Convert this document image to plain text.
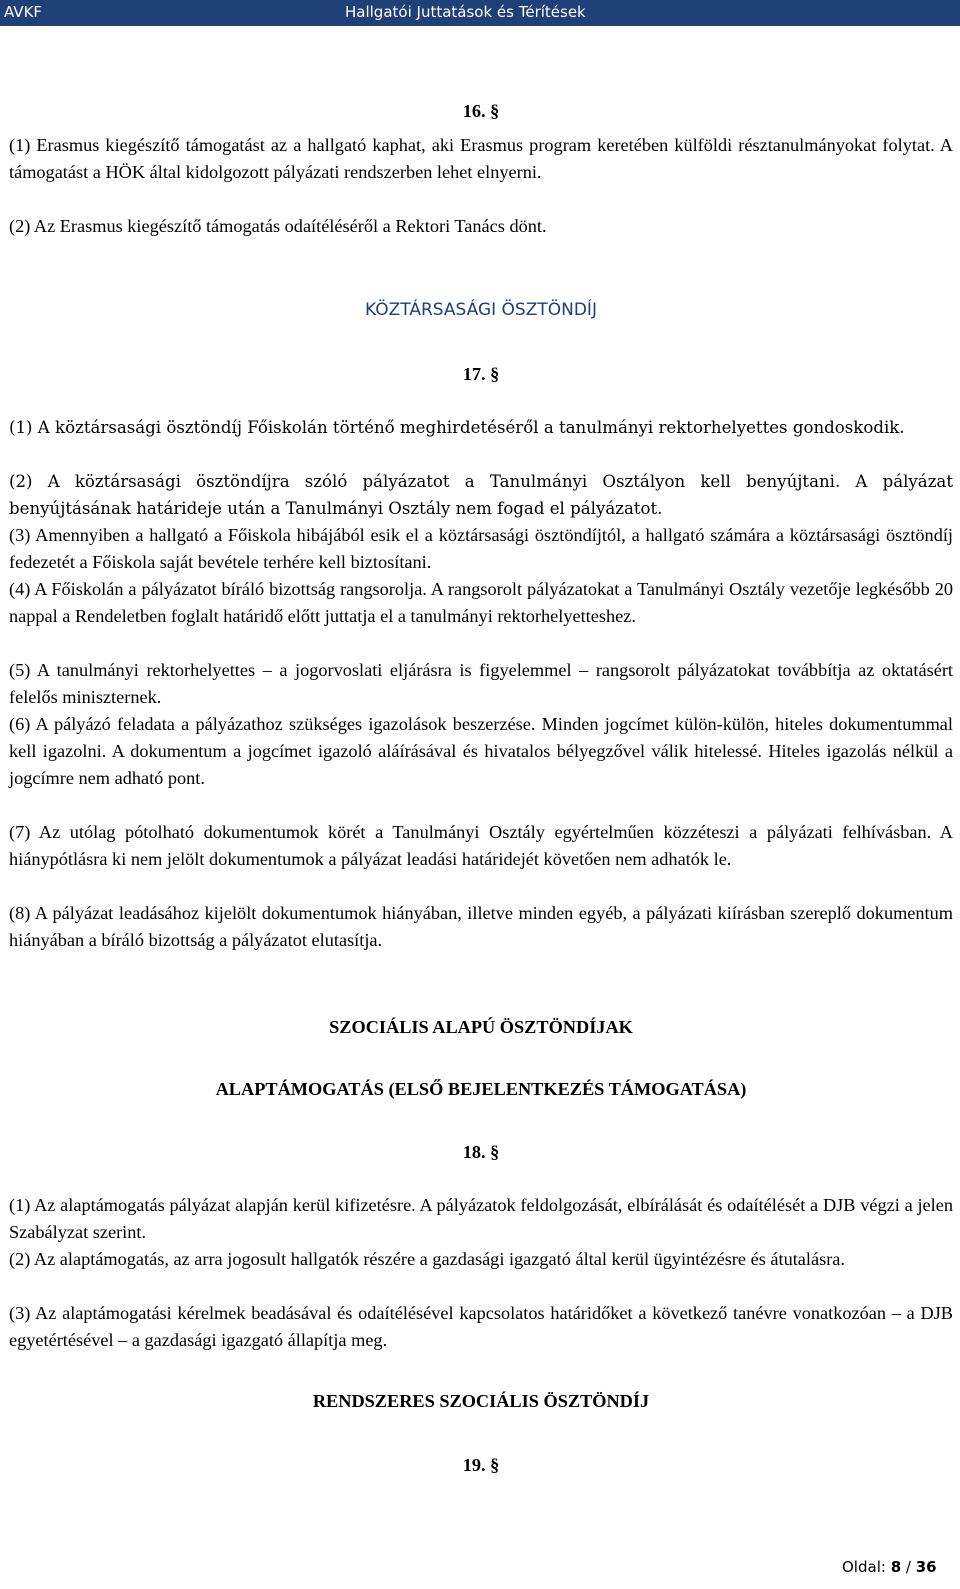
AVKF	Hallgatói Juttatások és Térítések
16. §

(1) Erasmus kiegészítő támogatást az a hallgató kaphat, aki Erasmus program keretében külföldi résztanulmányokat folytat. A támogatást a HÖK által kidolgozott pályázati rendszerben lehet elnyerni.

(2) Az Erasmus kiegészítő támogatás odaítéléséről a Rektori Tanács dönt.

KÖZTÁRSASÁGI ÖSZTÖNDÍJ
17. §

(1) A köztársasági ösztöndíj Főiskolán történő meghirdetéséről a tanulmányi rektorhelyettes gondoskodik.

(2) A köztársasági ösztöndíjra szóló pályázatot a Tanulmányi Osztályon kell benyújtani. A pályázat benyújtásának határideje után a Tanulmányi Osztály nem fogad el pályázatot.

(3) Amennyiben a hallgató a Főiskola hibájából esik el a köztársasági ösztöndíjtól, a hallgató számára a köztársasági ösztöndíj fedezetét a Főiskola saját bevétele terhére kell biztosítani.

(4) A Főiskolán a pályázatot bíráló bizottság rangsorolja. A rangsorolt pályázatokat a Tanulmányi Osztály vezetője legkésőbb 20 nappal a Rendeletben foglalt határidő előtt juttatja el a tanulmányi rektorhelyetteshez.

(5) A tanulmányi rektorhelyettes – a jogorvoslati eljárásra is figyelemmel – rangsorolt pályázatokat továbbítja az oktatásért felelős miniszternek.

(6) A pályázó feladata a pályázathoz szükséges igazolások beszerzése. Minden jogcímet külön-külön, hiteles dokumentummal kell igazolni. A dokumentum a jogcímet igazoló aláírásával és hivatalos bélyegzővel válik hitelessé. Hiteles igazolás nélkül a jogcímre nem adható pont.

(7) Az utólag pótolható dokumentumok körét a Tanulmányi Osztály egyértelműen közzéteszi a pályázati felhívásban. A hiánypótlásra ki nem jelölt dokumentumok a pályázat leadási határidejét követően nem adhatók le.

(8) A pályázat leadásához kijelölt dokumentumok hiányában, illetve minden egyéb, a pályázati kiírásban szereplő dokumentum hiányában a bíráló bizottság a pályázatot elutasítja.

SZOCIÁLIS ALAPÚ ÖSZTÖNDÍJAK
ALAPTÁMOGATÁS (ELSŐ BEJELENTKEZÉS TÁMOGATÁSA)
18. §

(1) Az alaptámogatás pályázat alapján kerül kifizetésre. A pályázatok feldolgozását, elbírálását és odaítélését a DJB végzi a jelen Szabályzat szerint.

(2) Az alaptámogatás, az arra jogosult hallgatók részére a gazdasági igazgató által kerül ügyintézésre és átutalásra.

(3) Az alaptámogatási kérelmek beadásával és odaítélésével kapcsolatos határidőket a következő tanévre vonatkozóan – a DJB egyetértésével – a gazdasági igazgató állapítja meg.

RENDSZERES SZOCIÁLIS ÖSZTÖNDÍJ
19. §
Oldal: 8 / 36
